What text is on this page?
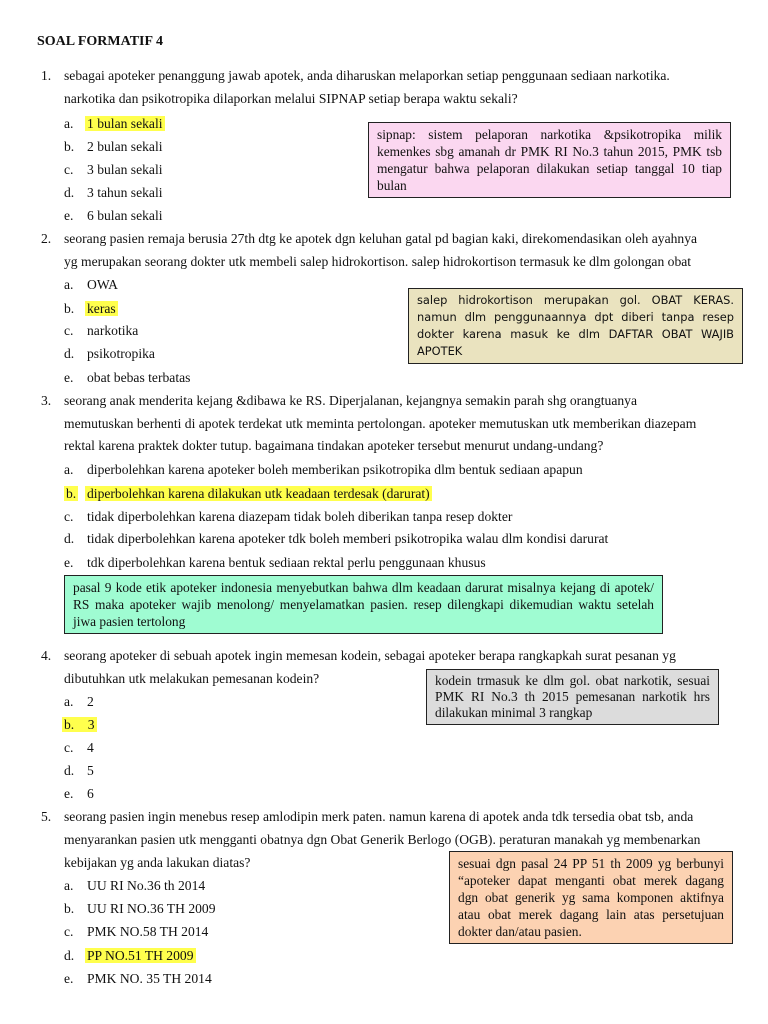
SOAL FORMATIF 4
1. sebagai apoteker penanggung jawab apotek, anda diharuskan melaporkan setiap penggunaan sediaan narkotika.
narkotika dan psikotropika dilaporkan melalui SIPNAP setiap berapa waktu sekali?
a. 1 bulan sekali
b. 2 bulan sekali
c. 3 bulan sekali
d. 3 tahun sekali
e. 6 bulan sekali
sipnap: sistem pelaporan narkotika &psikotropika milik kemenkes sbg amanah dr PMK RI No.3 tahun 2015, PMK tsb mengatur bahwa pelaporan dilakukan setiap tanggal 10 tiap bulan
2. seorang pasien remaja berusia 27th dtg ke apotek dgn keluhan gatal pd bagian kaki, direkomendasikan oleh ayahnya
yg merupakan seorang dokter utk membeli salep hidrokortison. salep hidrokortison termasuk ke dlm golongan obat
a. OWA
b. keras
c. narkotika
d. psikotropika
e. obat bebas terbatas
salep hidrokortison merupakan gol. OBAT KERAS. namun dlm penggunaannya dpt diberi tanpa resep dokter karena masuk ke dlm DAFTAR OBAT WAJIB APOTEK
3. seorang anak menderita kejang &dibawa ke RS. Diperjalanan, kejangnya semakin parah shg orangtuanya
memutuskan berhenti di apotek terdekat utk meminta pertolongan. apoteker memutuskan utk memberikan diazepam
rektal karena praktek dokter tutup. bagaimana tindakan apoteker tersebut menurut undang-undang?
a. diperbolehkan karena apoteker boleh memberikan psikotropika dlm bentuk sediaan apapun
b. diperbolehkan karena dilakukan utk keadaan terdesak (darurat)
c. tidak diperbolehkan karena diazepam tidak boleh diberikan tanpa resep dokter
d. tidak diperbolehkan karena apoteker tdk boleh memberi psikotropika walau dlm kondisi darurat
e. tdk diperbolehkan karena bentuk sediaan rektal perlu penggunaan khusus
pasal 9 kode etik apoteker indonesia menyebutkan bahwa dlm keadaan darurat misalnya kejang di apotek/ RS maka apoteker wajib menolong/ menyelamatkan pasien. resep dilengkapi dikemudian waktu setelah jiwa pasien tertolong
4. seorang apoteker di sebuah apotek ingin memesan kodein, sebagai apoteker berapa rangkapkah surat pesanan yg
dibutuhkan utk melakukan pemesanan kodein?
a. 2
b. 3
c. 4
d. 5
e. 6
kodein trmasuk ke dlm gol. obat narkotik, sesuai PMK RI No.3 th 2015 pemesanan narkotik hrs dilakukan minimal 3 rangkap
5. seorang pasien ingin menebus resep amlodipin merk paten. namun karena di apotek anda tdk tersedia obat tsb, anda
menyarankan pasien utk mengganti obatnya dgn Obat Generik Berlogo (OGB). peraturan manakah yg membenarkan
kebijakan yg anda lakukan diatas?
a. UU RI No.36 th 2014
b. UU RI NO.36 TH 2009
c. PMK NO.58 TH 2014
d. PP NO.51 TH 2009
e. PMK NO. 35 TH 2014
sesuai dgn pasal 24 PP 51 th 2009 yg berbunyi “apoteker dapat menganti obat merek dagang dgn obat generik yg sama komponen aktifnya atau obat merek dagang lain atas persetujuan dokter dan/atau pasien.
